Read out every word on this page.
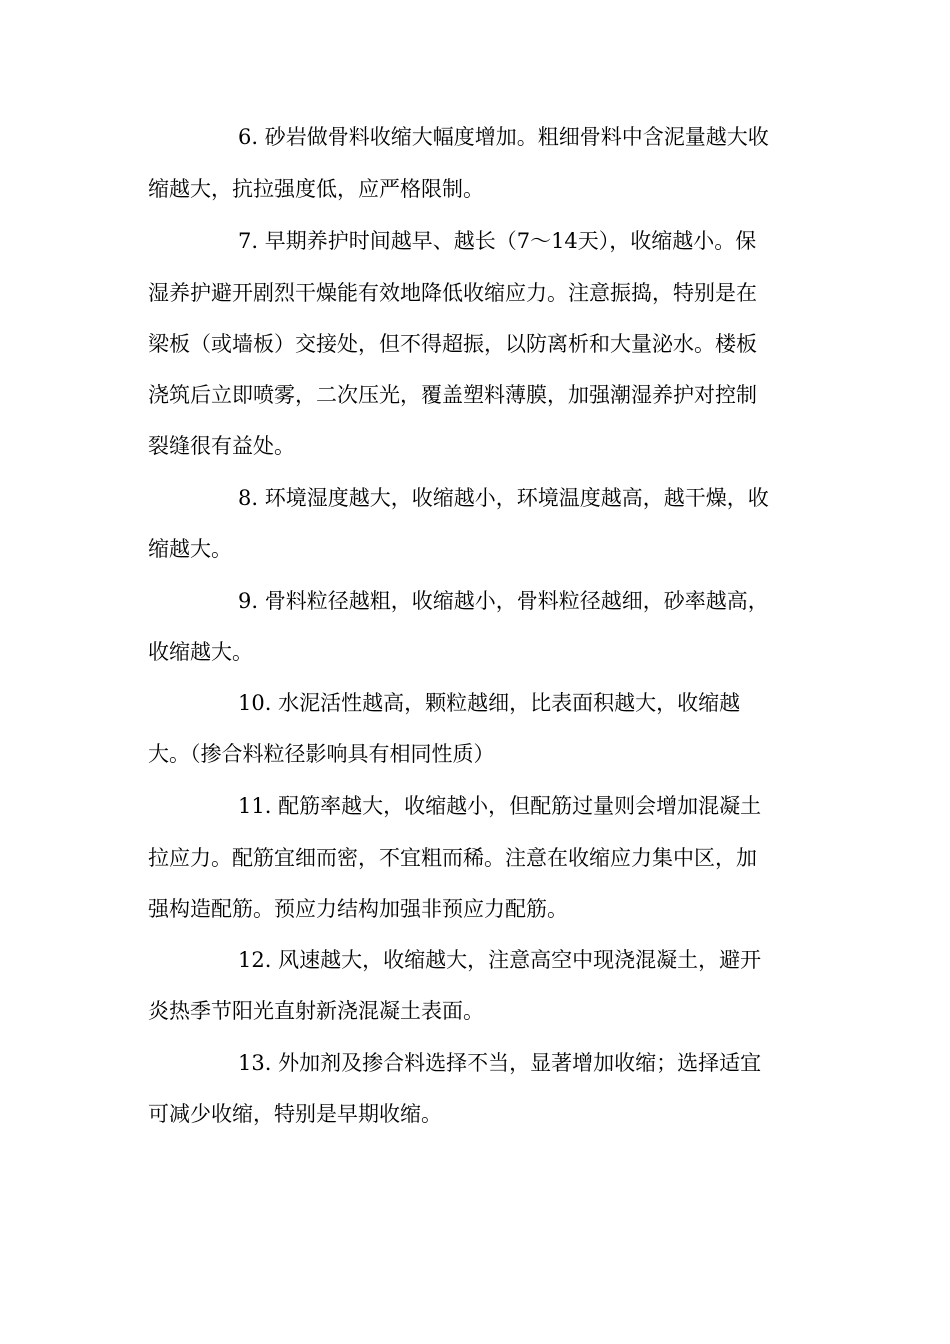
6. 砂岩做骨料收缩大幅度增加。粗细骨料中含泥量越大收
缩越大，抗拉强度低，应严格限制。
7. 早期养护时间越早、越长（7～14天），收缩越小。保
湿养护避开剧烈干燥能有效地降低收缩应力。注意振捣，特别是在
梁板（或墙板）交接处，但不得超振，以防离析和大量泌水。楼板
浇筑后立即喷雾，二次压光，覆盖塑料薄膜，加强潮湿养护对控制
裂缝很有益处。
8. 环境湿度越大，收缩越小，环境温度越高，越干燥，收
缩越大。
9. 骨料粒径越粗，收缩越小，骨料粒径越细，砂率越高，
收缩越大。
10. 水泥活性越高，颗粒越细，比表面积越大，收缩越
大。（掺合料粒径影响具有相同性质）
11. 配筋率越大，收缩越小，但配筋过量则会增加混凝土
拉应力。配筋宜细而密，不宜粗而稀。注意在收缩应力集中区，加
强构造配筋。预应力结构加强非预应力配筋。
12. 风速越大，收缩越大，注意高空中现浇混凝土，避开
炎热季节阳光直射新浇混凝土表面。
13. 外加剂及掺合料选择不当，显著增加收缩；选择适宜
可减少收缩，特别是早期收缩。
